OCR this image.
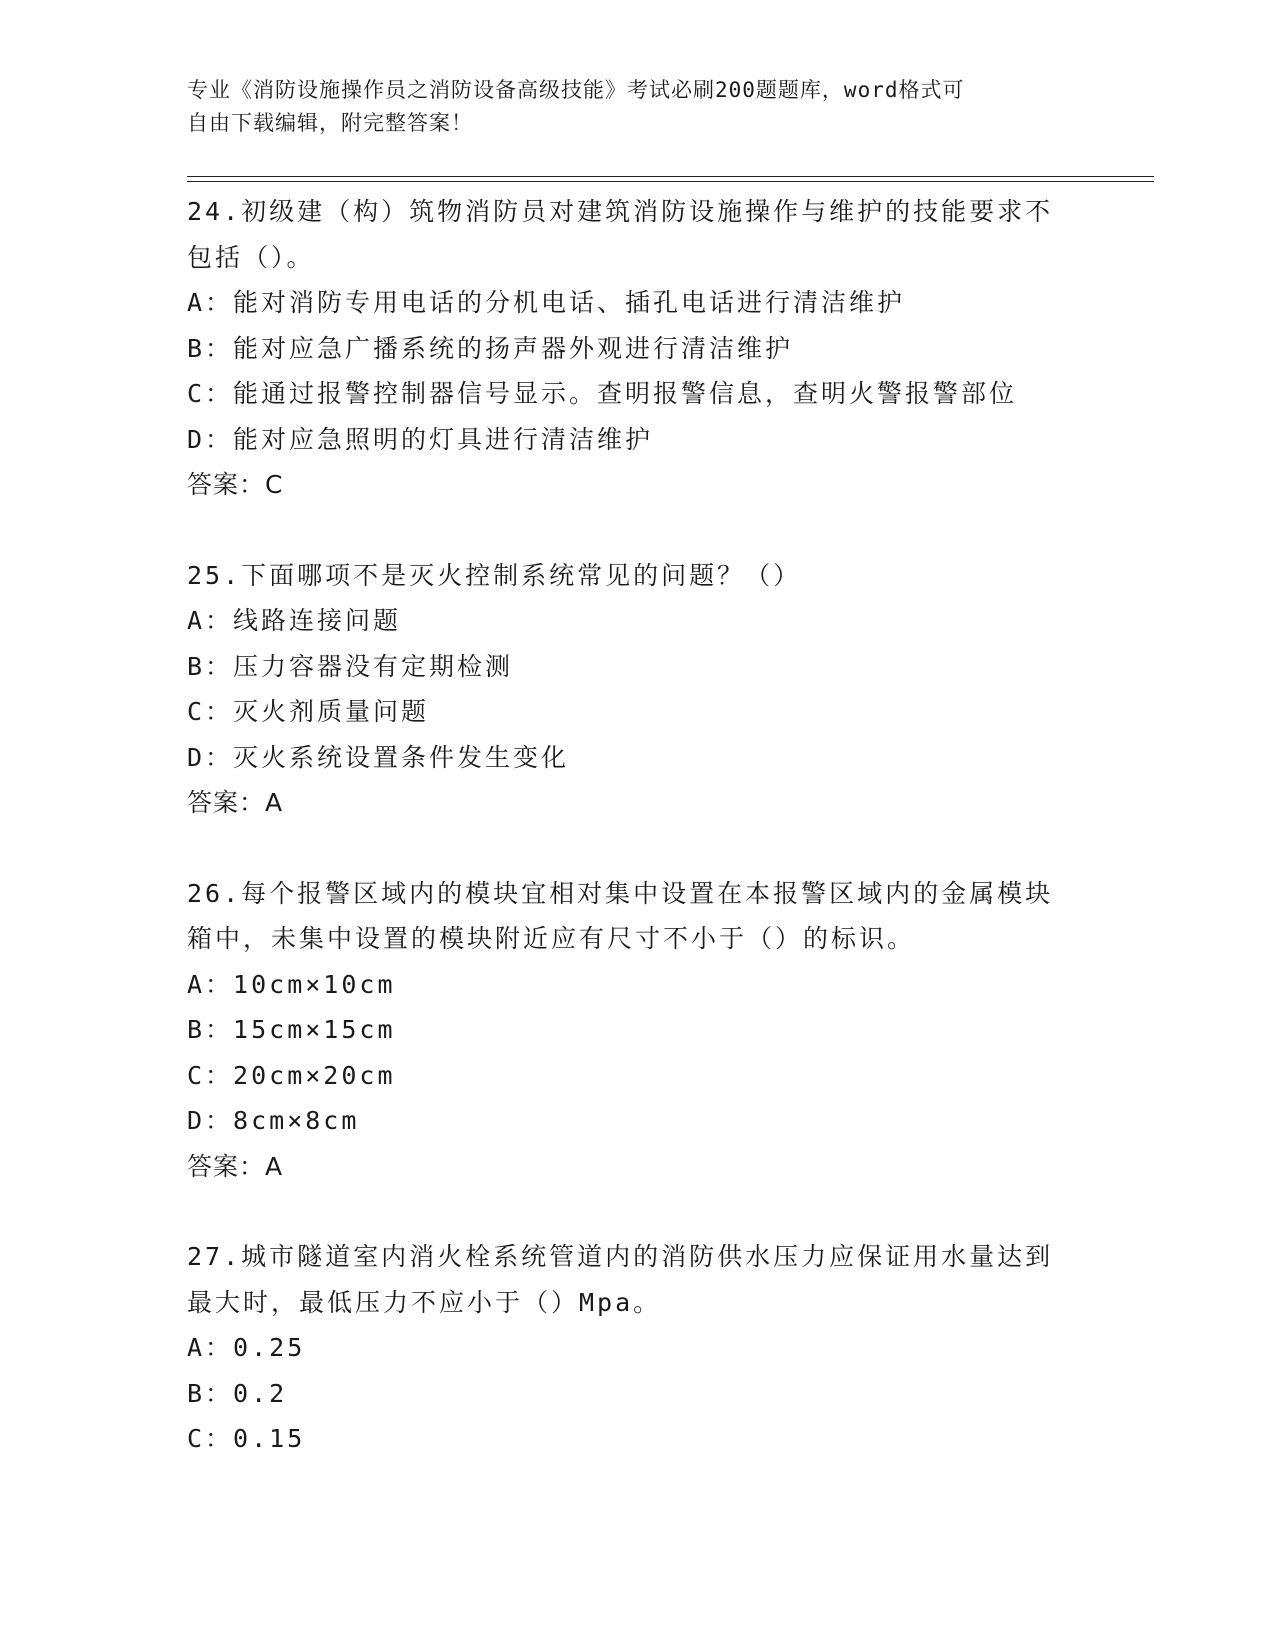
专业《消防设施操作员之消防设备高级技能》考试必刷200题题库，word格式可
自由下载编辑，附完整答案！
24.初级建（构）筑物消防员对建筑消防设施操作与维护的技能要求不
包括（）。
A：能对消防专用电话的分机电话、插孔电话进行清洁维护
B：能对应急广播系统的扬声器外观进行清洁维护
C：能通过报警控制器信号显示。查明报警信息，查明火警报警部位
D：能对应急照明的灯具进行清洁维护
答案：C
25.下面哪项不是灭火控制系统常见的问题？（）
A：线路连接问题
B：压力容器没有定期检测
C：灭火剂质量问题
D：灭火系统设置条件发生变化
答案：A
26.每个报警区域内的模块宜相对集中设置在本报警区域内的金属模块
箱中，未集中设置的模块附近应有尺寸不小于（）的标识。
A：10cm×10cm
B：15cm×15cm
C：20cm×20cm
D：8cm×8cm
答案：A
27.城市隧道室内消火栓系统管道内的消防供水压力应保证用水量达到
最大时，最低压力不应小于（）Mpa。
A：0.25
B：0.2
C：0.15
